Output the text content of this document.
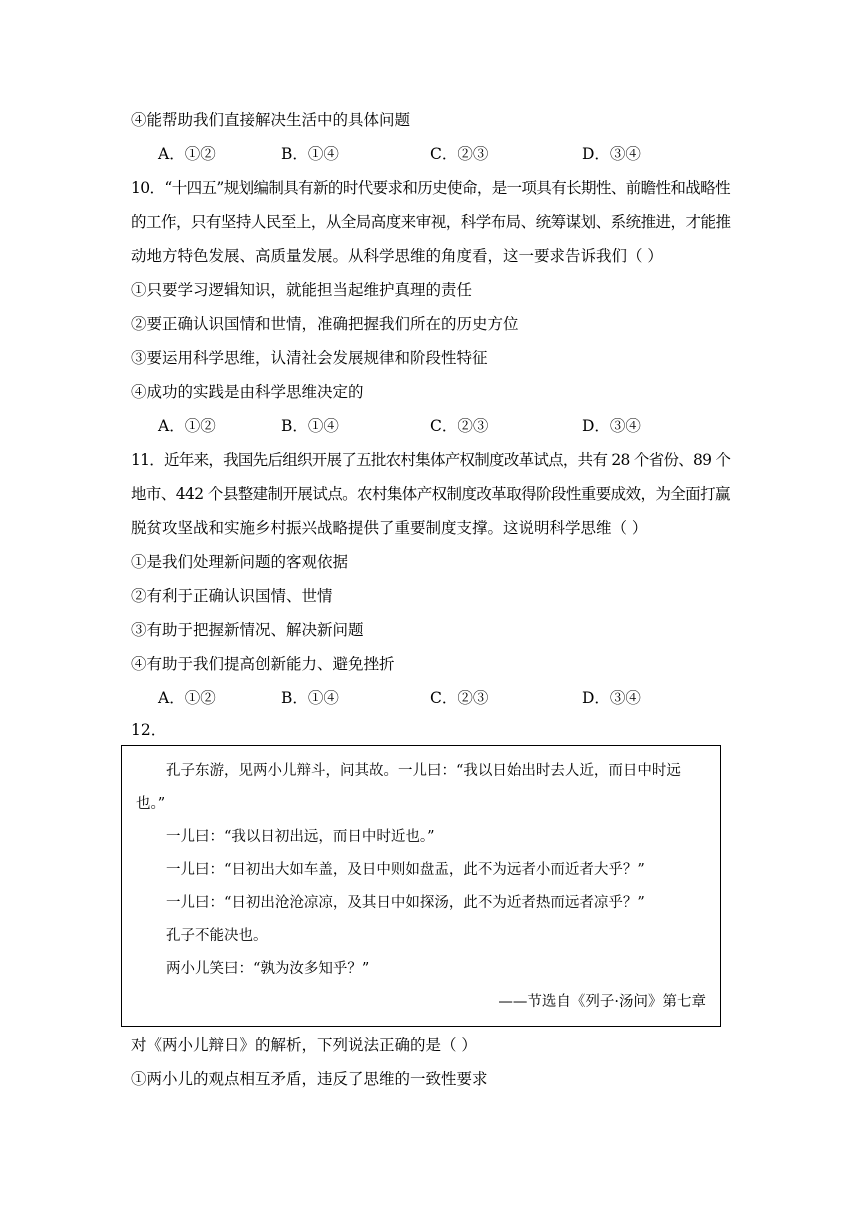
④能帮助我们直接解决生活中的具体问题
A．①②	B．①④	C．②③	D．③④
10．“十四五”规划编制具有新的时代要求和历史使命，是一项具有长期性、前瞻性和战略性
的工作，只有坚持人民至上，从全局高度来审视，科学布局、统筹谋划、系统推进，才能推
动地方特色发展、高质量发展。从科学思维的角度看，这一要求告诉我们（ ）
①只要学习逻辑知识，就能担当起维护真理的责任
②要正确认识国情和世情，准确把握我们所在的历史方位
③要运用科学思维，认清社会发展规律和阶段性特征
④成功的实践是由科学思维决定的
A．①②	B．①④	C．②③	D．③④
11．近年来，我国先后组织开展了五批农村集体产权制度改革试点，共有 28 个省份、89 个
地市、442 个县整建制开展试点。农村集体产权制度改革取得阶段性重要成效，为全面打赢
脱贫攻坚战和实施乡村振兴战略提供了重要制度支撑。这说明科学思维（ ）
①是我们处理新问题的客观依据
②有利于正确认识国情、世情
③有助于把握新情况、解决新问题
④有助于我们提高创新能力、避免挫折
A．①②	B．①④	C．②③	D．③④
12．
孔子东游，见两小儿辩斗，问其故。一儿曰：“我以日始出时去人近，而日中时远
也。”
一儿曰：“我以日初出远，而日中时近也。”
一儿曰：“日初出大如车盖，及日中则如盘盂，此不为远者小而近者大乎？”
一儿曰：“日初出沧沧凉凉，及其日中如探汤，此不为近者热而远者凉乎？”
孔子不能决也。
两小儿笑曰：“孰为汝多知乎？”
——节选自《列子·汤问》第七章
对《两小儿辩日》的解析，下列说法正确的是（ ）
①两小儿的观点相互矛盾，违反了思维的一致性要求
